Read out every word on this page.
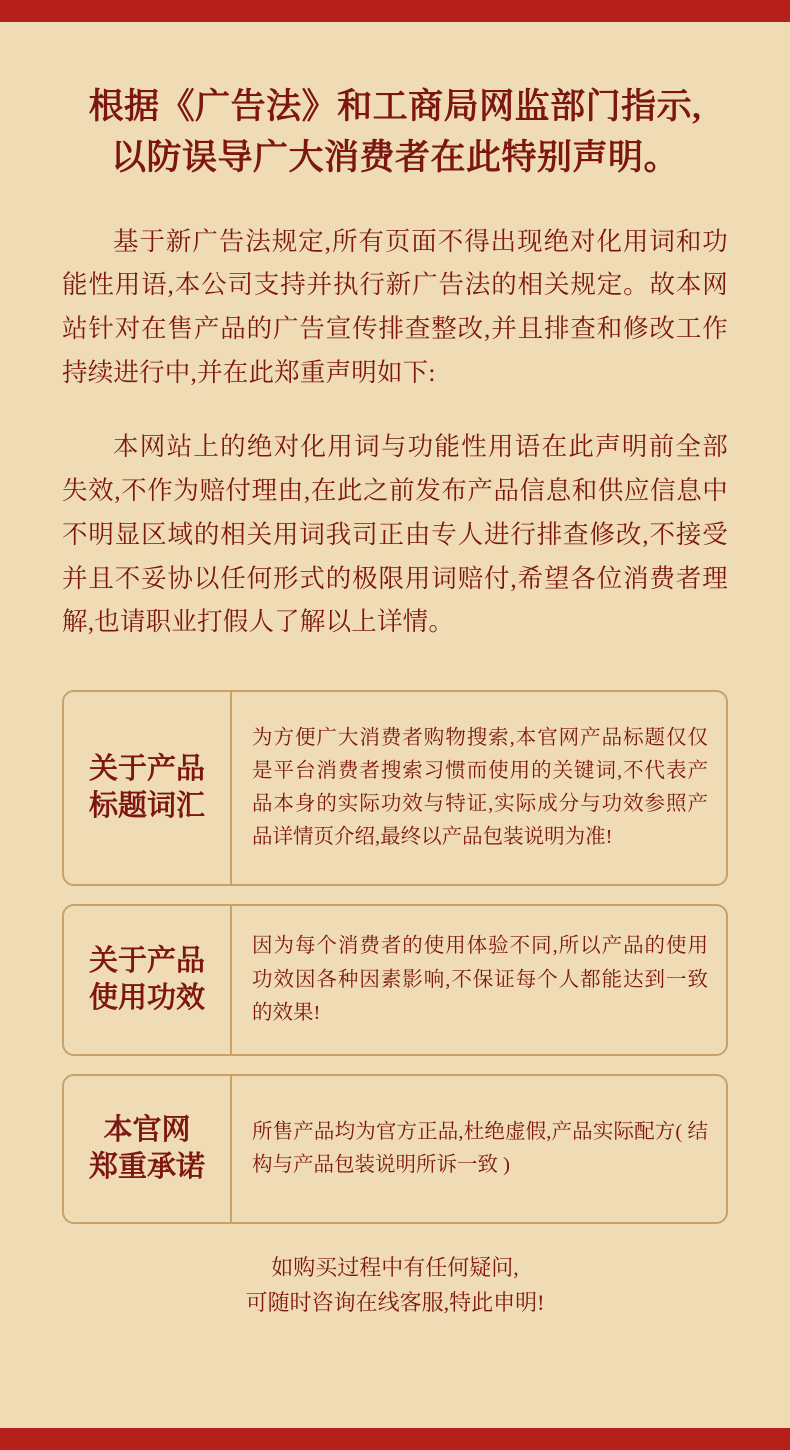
根据《广告法》和工商局网监部门指示,
以防误导广大消费者在此特别声明。

基于新广告法规定,所有页面不得出现绝对化用词和功能性用语,本公司支持并执行新广告法的相关规定。故本网站针对在售产品的广告宣传排查整改,并且排查和修改工作持续进行中,并在此郑重声明如下:

本网站上的绝对化用词与功能性用语在此声明前全部失效,不作为赔付理由,在此之前发布产品信息和供应信息中不明显区域的相关用词我司正由专人进行排查修改,不接受并且不妥协以任何形式的极限用词赔付,希望各位消费者理解,也请职业打假人了解以上详情。

关于产品
标题词汇
为方便广大消费者购物搜索,本官网产品标题仅仅是平台消费者搜索习惯而使用的关键词,不代表产品本身的实际功效与特证,实际成分与功效参照产品详情页介绍,最终以产品包装说明为准!
关于产品
使用功效
因为每个消费者的使用体验不同,所以产品的使用功效因各种因素影响,不保证每个人都能达到一致的效果!
本官网
郑重承诺
所售产品均为官方正品,杜绝虚假,产品实际配方( 结构与产品包装说明所诉一致 )
如购买过程中有任何疑问,
可随时咨询在线客服,特此申明!
